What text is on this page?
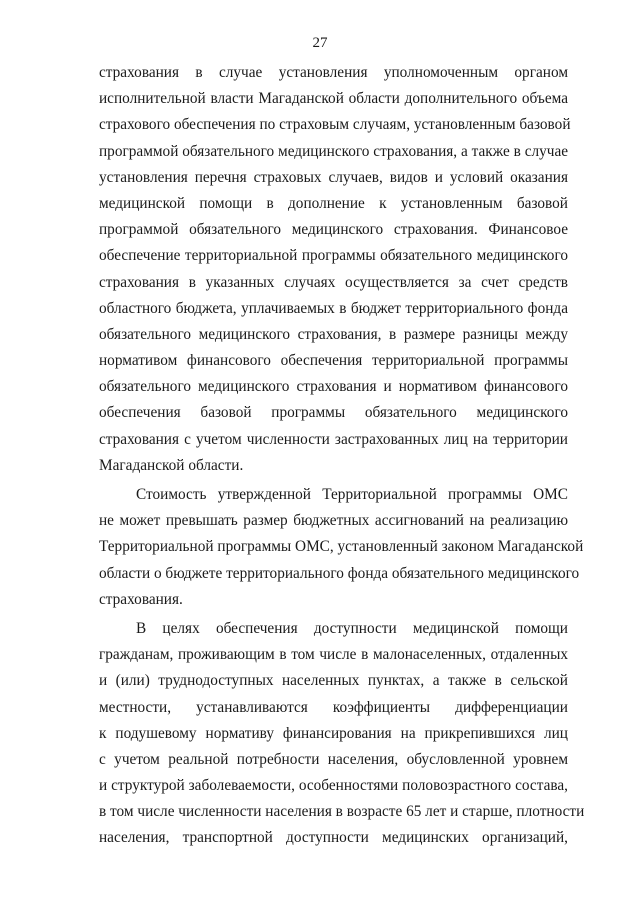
27
страхования в случае установления уполномоченным органом
исполнительной власти Магаданской области дополнительного объема
страхового обеспечения по страховым случаям, установленным базовой
программой обязательного медицинского страхования, а также в случае
установления перечня страховых случаев, видов и условий оказания
медицинской помощи в дополнение к установленным базовой
программой обязательного медицинского страхования. Финансовое
обеспечение территориальной программы обязательного медицинского
страхования в указанных случаях осуществляется за счет средств
областного бюджета, уплачиваемых в бюджет территориального фонда
обязательного медицинского страхования, в размере разницы между
нормативом финансового обеспечения территориальной программы
обязательного медицинского страхования и нормативом финансового
обеспечения базовой программы обязательного медицинского
страхования с учетом численности застрахованных лиц на территории
Магаданской области.
Стоимость утвержденной Территориальной программы ОМС
не может превышать размер бюджетных ассигнований на реализацию
Территориальной программы ОМС, установленный законом Магаданской
области о бюджете территориального фонда обязательного медицинского
страхования.
В целях обеспечения доступности медицинской помощи
гражданам, проживающим в том числе в малонаселенных, отдаленных
и (или) труднодоступных населенных пунктах, а также в сельской
местности, устанавливаются коэффициенты дифференциации
к подушевому нормативу финансирования на прикрепившихся лиц
с учетом реальной потребности населения, обусловленной уровнем
и структурой заболеваемости, особенностями половозрастного состава,
в том числе численности населения в возрасте 65 лет и старше, плотности
населения, транспортной доступности медицинских организаций,
